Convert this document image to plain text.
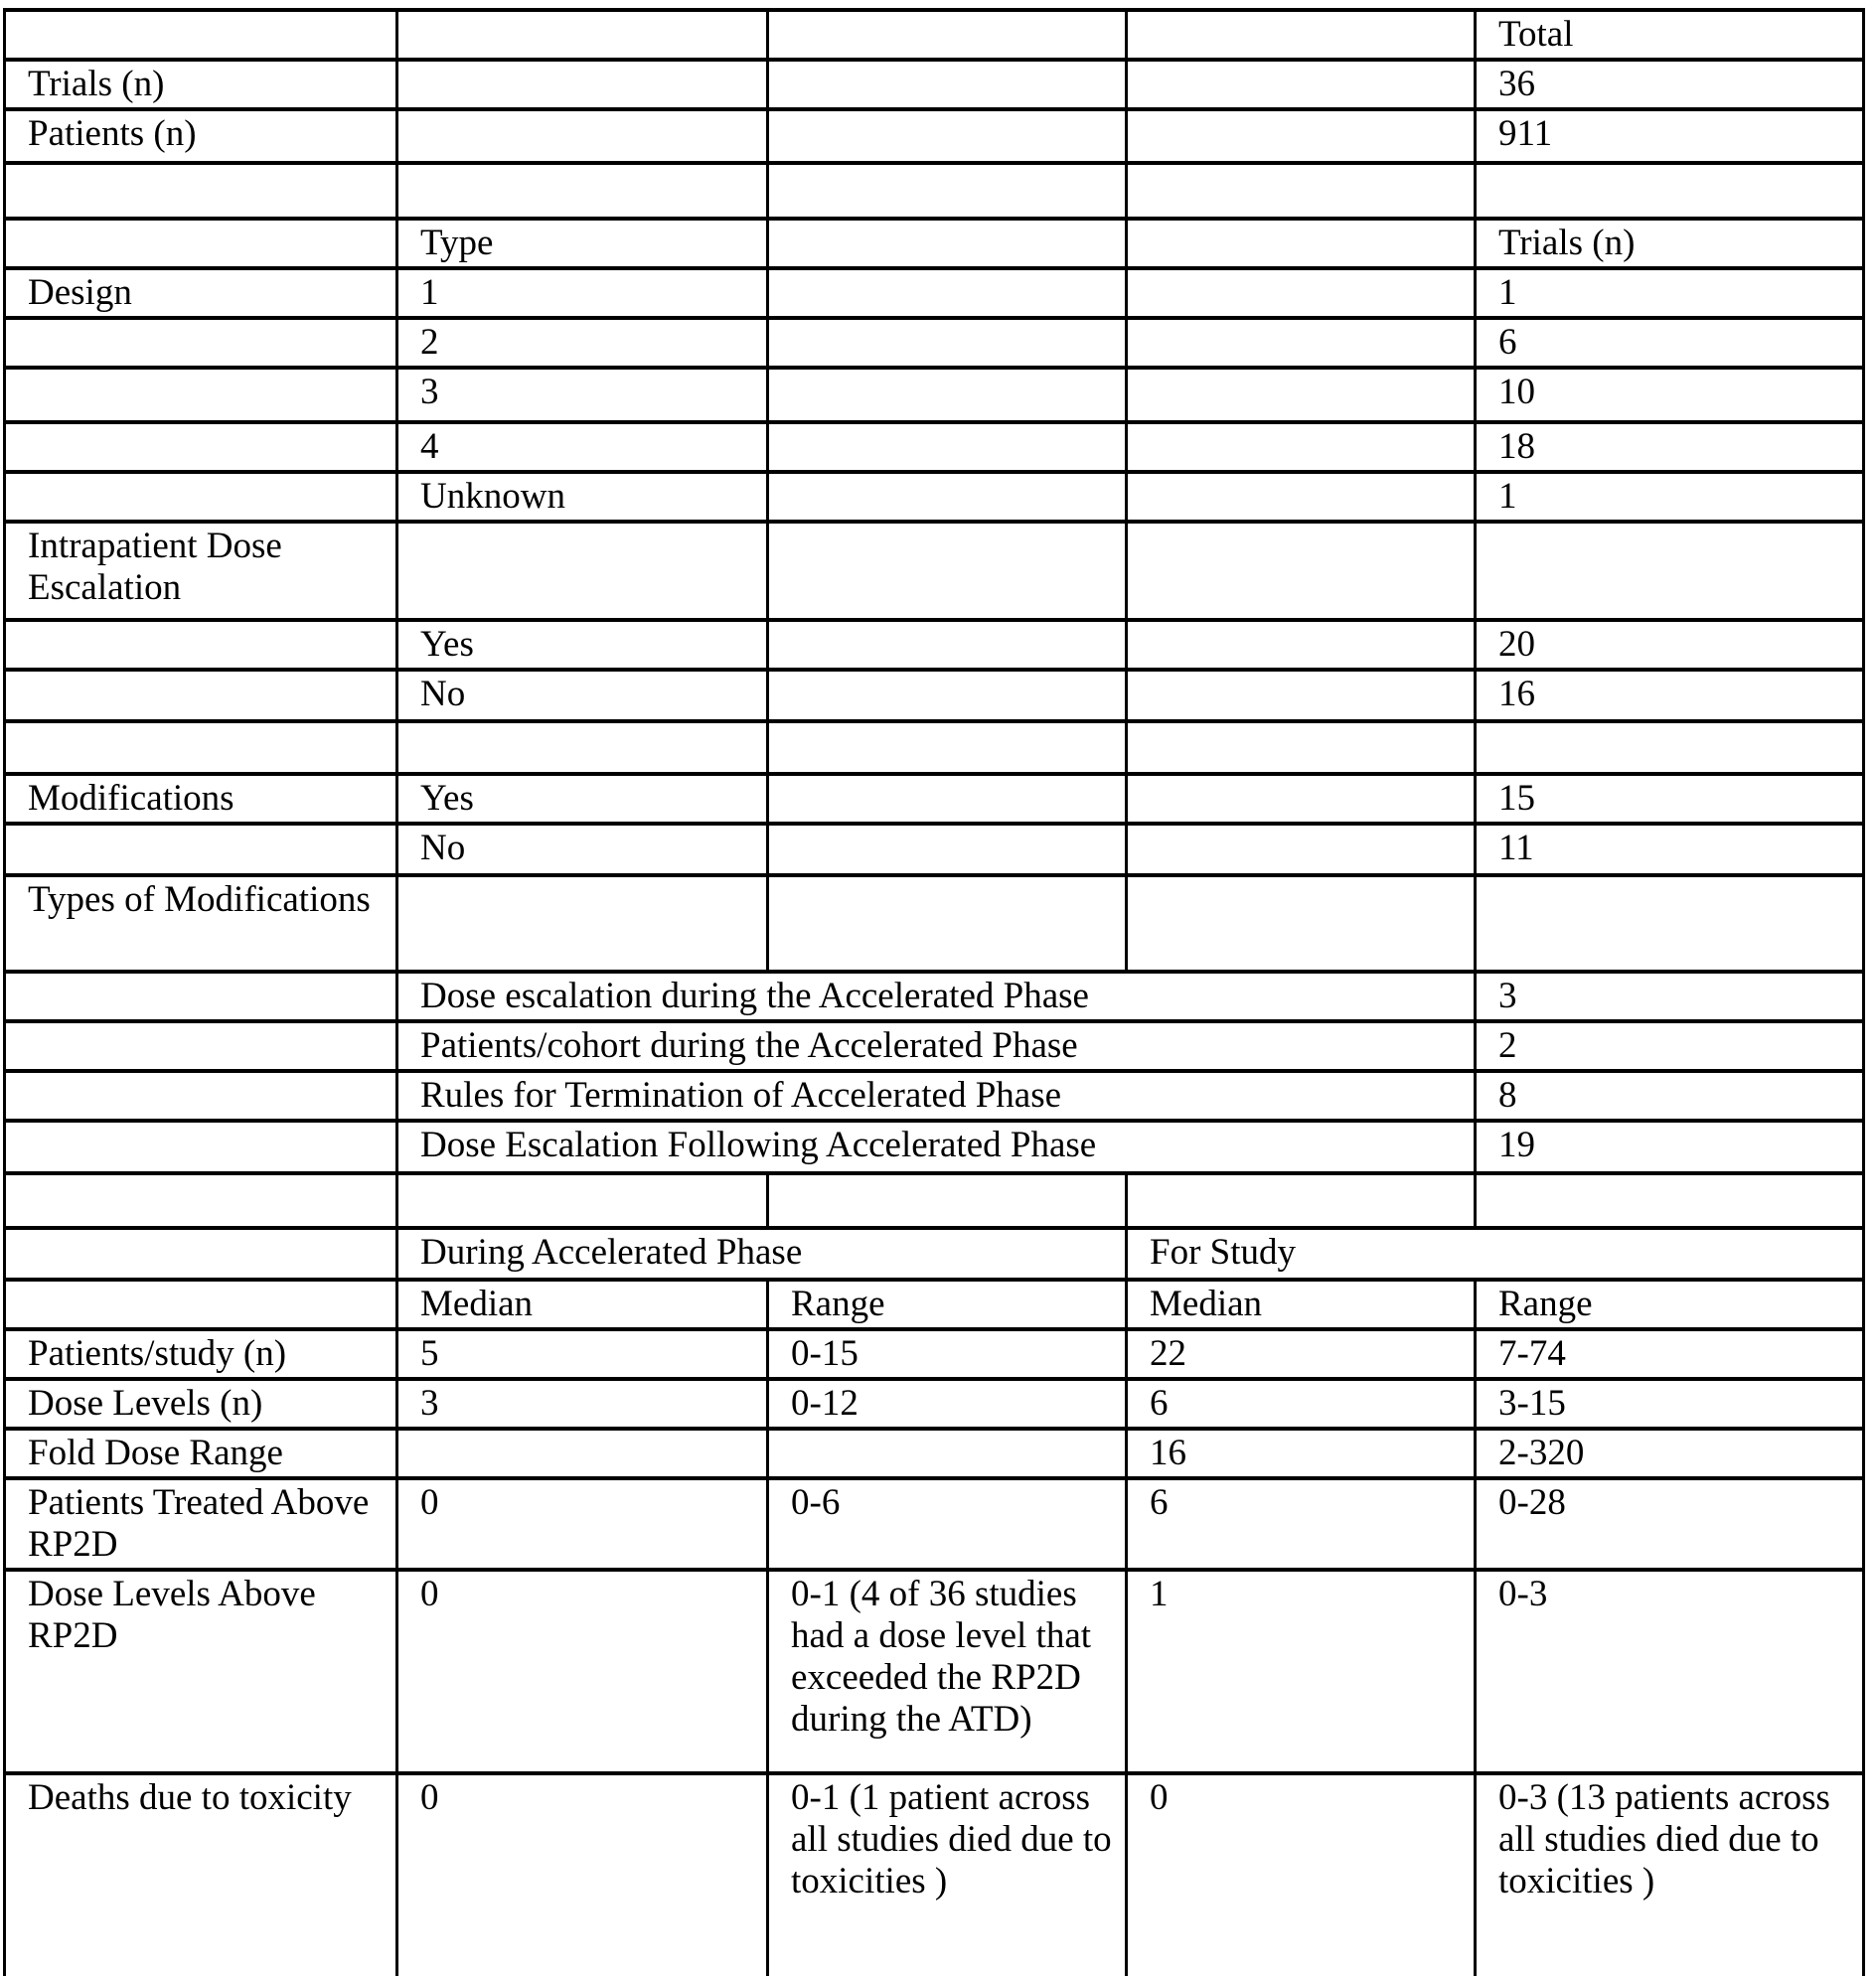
				Total
Trials (n)				36
Patients (n)				911

	Type			Trials (n)
Design	1			1
	2			6
	3			10
	4			18
	Unknown			1
Intrapatient Dose Escalation				
	Yes			20
	No			16

Modifications	Yes			15
	No			11
Types of Modifications				
	Dose escalation during the Accelerated Phase			3
	Patients/cohort during the Accelerated Phase			2
	Rules for Termination of Accelerated Phase			8
	Dose Escalation Following Accelerated Phase			19

	During Accelerated Phase		For Study	
	Median	Range	Median	Range
Patients/study (n)	5	0-15	22	7-74
Dose Levels (n)	3	0-12	6	3-15
Fold Dose Range			16	2-320
Patients Treated Above RP2D	0	0-6	6	0-28
Dose Levels Above RP2D	0	0-1 (4 of 36 studies had a dose level that exceeded the RP2D during the ATD)	1	0-3
Deaths due to toxicity	0	0-1 (1 patient across all studies died due to toxicities )	0	0-3 (13 patients across all studies died due to toxicities )
